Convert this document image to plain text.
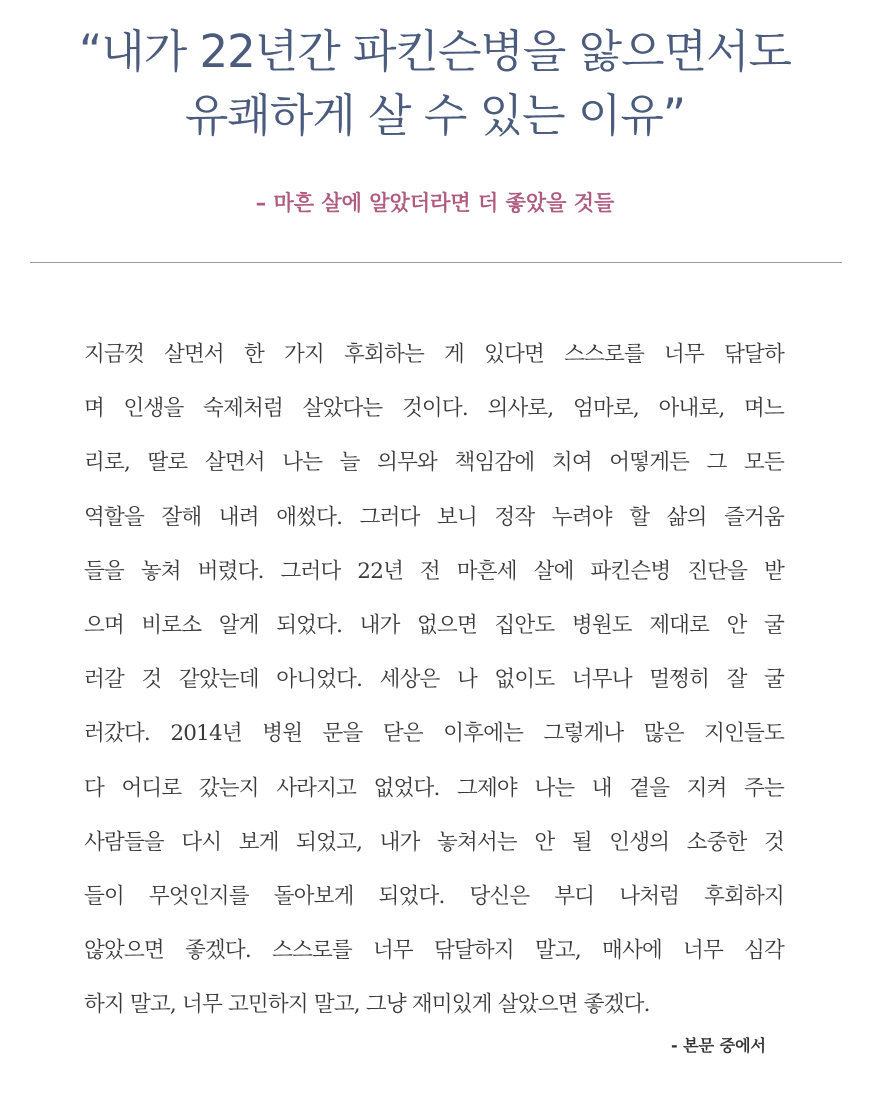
“내가 22년간 파킨슨병을 앓으면서도
유쾌하게 살 수 있는 이유”

– 마흔 살에 알았더라면 더 좋았을 것들

지금껏 살면서 한 가지 후회하는 게 있다면 스스로를 너무 닦달하
며 인생을 숙제처럼 살았다는 것이다. 의사로, 엄마로, 아내로, 며느
리로, 딸로 살면서 나는 늘 의무와 책임감에 치여 어떻게든 그 모든
역할을 잘해 내려 애썼다. 그러다 보니 정작 누려야 할 삶의 즐거움
들을 놓쳐 버렸다. 그러다 22년 전 마흔세 살에 파킨슨병 진단을 받
으며 비로소 알게 되었다. 내가 없으면 집안도 병원도 제대로 안 굴
러갈 것 같았는데 아니었다. 세상은 나 없이도 너무나 멀쩡히 잘 굴
러갔다. 2014년 병원 문을 닫은 이후에는 그렇게나 많은 지인들도
다 어디로 갔는지 사라지고 없었다. 그제야 나는 내 곁을 지켜 주는
사람들을 다시 보게 되었고, 내가 놓쳐서는 안 될 인생의 소중한 것
들이 무엇인지를 돌아보게 되었다. 당신은 부디 나처럼 후회하지
않았으면 좋겠다. 스스로를 너무 닦달하지 말고, 매사에 너무 심각
하지 말고, 너무 고민하지 말고, 그냥 재미있게 살았으면 좋겠다.

- 본문 중에서
